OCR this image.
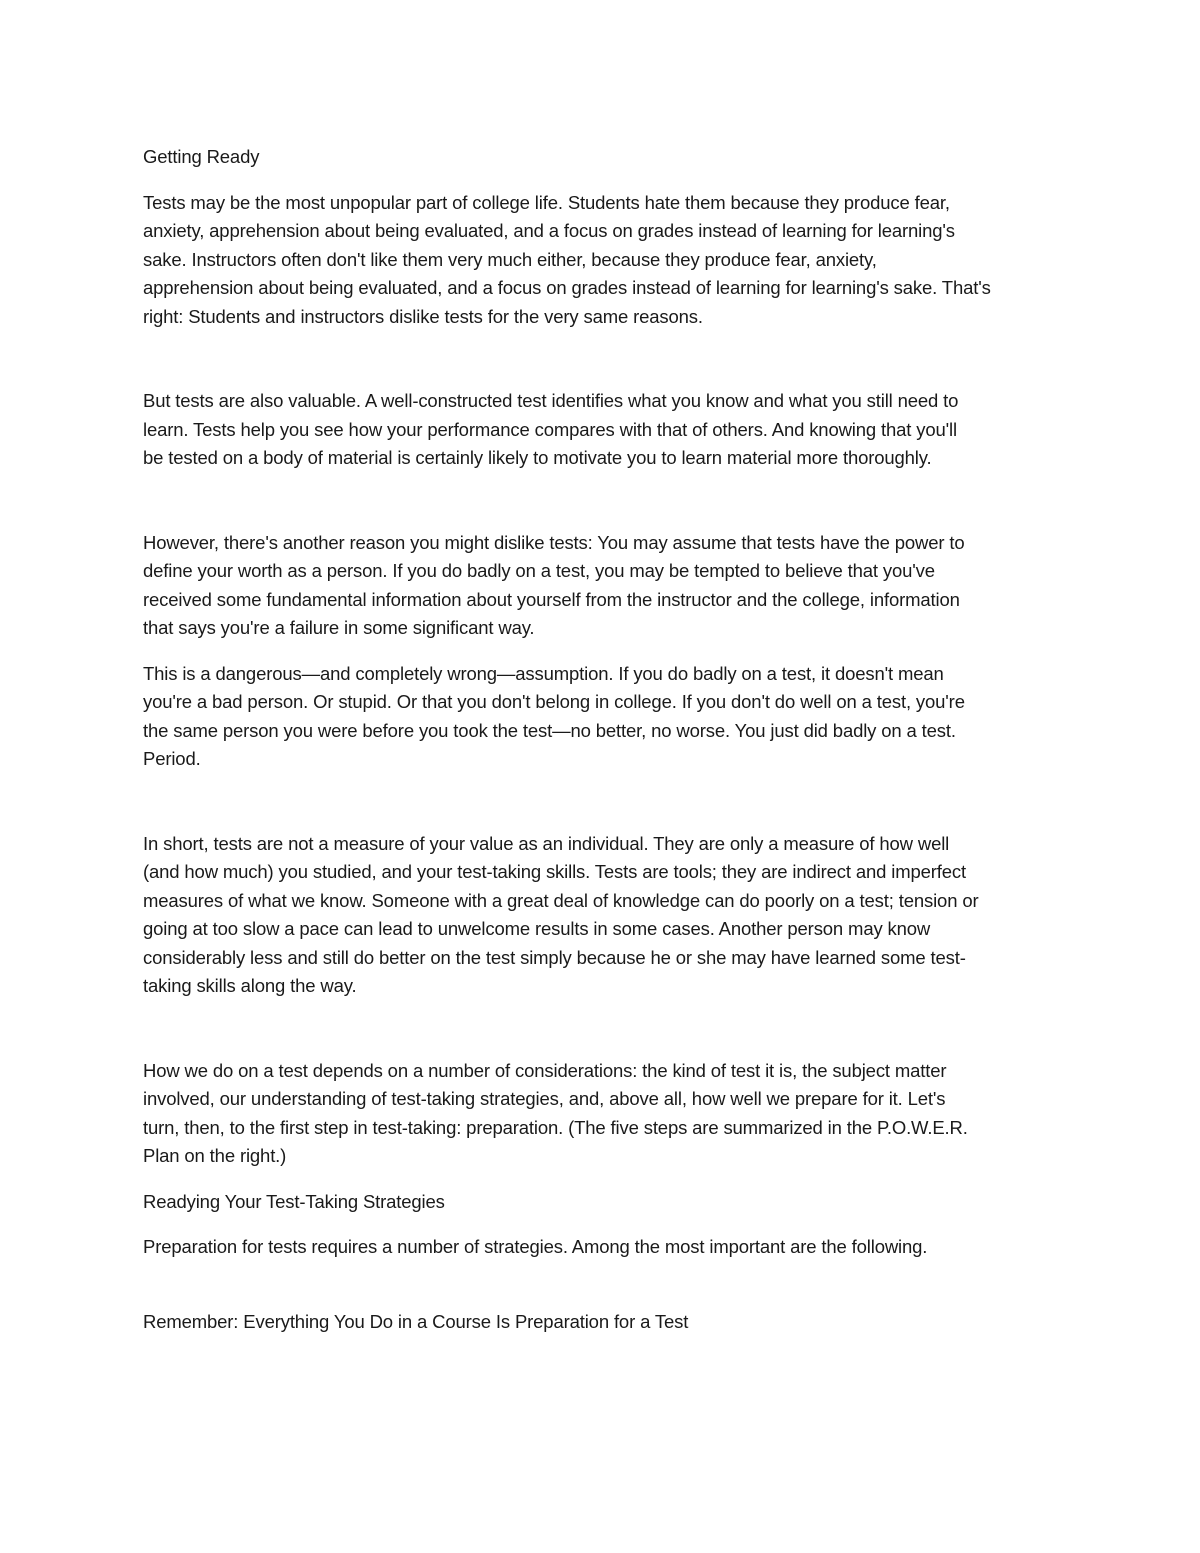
Getting Ready

Tests may be the most unpopular part of college life. Students hate them because they produce fear,
anxiety, apprehension about being evaluated, and a focus on grades instead of learning for learning's
sake. Instructors often don't like them very much either, because they produce fear, anxiety,
apprehension about being evaluated, and a focus on grades instead of learning for learning's sake. That's
right: Students and instructors dislike tests for the very same reasons.

But tests are also valuable. A well-constructed test identifies what you know and what you still need to
learn. Tests help you see how your performance compares with that of others. And knowing that you'll
be tested on a body of material is certainly likely to motivate you to learn material more thoroughly.

However, there's another reason you might dislike tests: You may assume that tests have the power to
define your worth as a person. If you do badly on a test, you may be tempted to believe that you've
received some fundamental information about yourself from the instructor and the college, information
that says you're a failure in some significant way.

This is a dangerous—and completely wrong—assumption. If you do badly on a test, it doesn't mean
you're a bad person. Or stupid. Or that you don't belong in college. If you don't do well on a test, you're
the same person you were before you took the test—no better, no worse. You just did badly on a test.
Period.

In short, tests are not a measure of your value as an individual. They are only a measure of how well
(and how much) you studied, and your test-taking skills. Tests are tools; they are indirect and imperfect
measures of what we know. Someone with a great deal of knowledge can do poorly on a test; tension or
going at too slow a pace can lead to unwelcome results in some cases. Another person may know
considerably less and still do better on the test simply because he or she may have learned some test-
taking skills along the way.

How we do on a test depends on a number of considerations: the kind of test it is, the subject matter
involved, our understanding of test-taking strategies, and, above all, how well we prepare for it. Let's
turn, then, to the first step in test-taking: preparation. (The five steps are summarized in the P.O.W.E.R.
Plan on the right.)

Readying Your Test-Taking Strategies

Preparation for tests requires a number of strategies. Among the most important are the following.

Remember: Everything You Do in a Course Is Preparation for a Test
